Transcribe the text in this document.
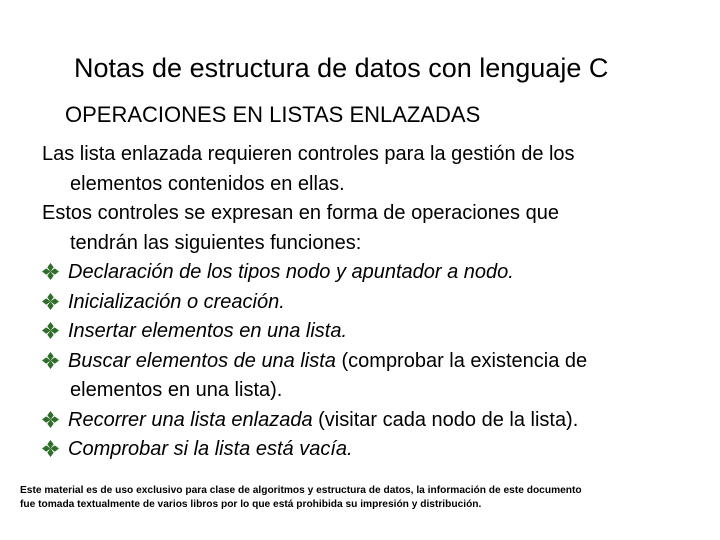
Notas de estructura de datos con lenguaje C
OPERACIONES EN LISTAS ENLAZADAS
Las lista enlazada requieren controles para la gestión de los
elementos contenidos en ellas.
Estos controles se expresan en forma de operaciones que
tendrán las siguientes funciones:
Declaración de los tipos nodo y apuntador a nodo.
Inicialización o creación.
Insertar elementos en una lista.
Buscar elementos de una lista (comprobar la existencia de
elementos en una lista).
Recorrer una lista enlazada (visitar cada nodo de la lista).
Comprobar si la lista está vacía.
Este material es de uso exclusivo para clase de algoritmos y estructura de datos, la información de este documento
fue tomada textualmente de varios libros por lo que está prohibida su impresión y distribución.
